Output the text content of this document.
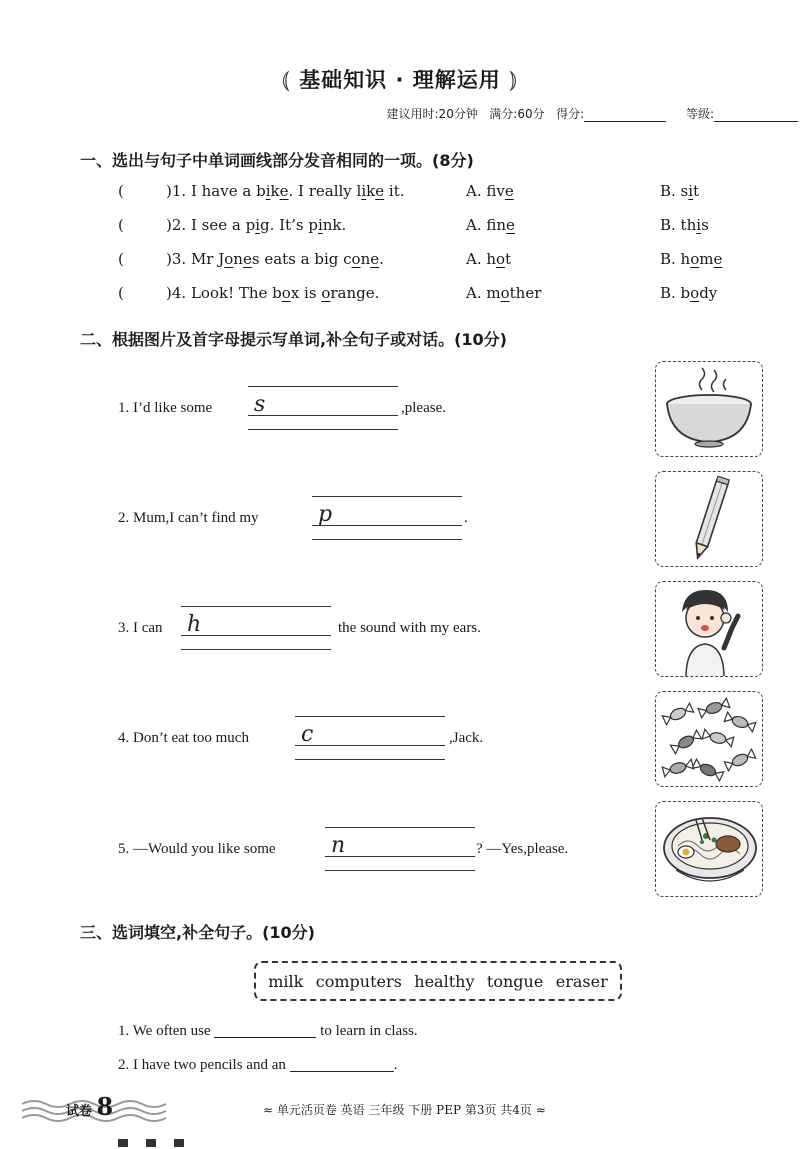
⦅ 基础知识 · 理解运用 ⦆
建议用时:20分钟 满分:60分 得分:	等级:
一、选出与句子中单词画线部分发音相同的一项。(8分)
(	)1. I have a bike. I really like it.	A. fve	B. sit
(	)2. I see a pig. It’s pink.	A. fne	B. this
(	)3. Mr Jones eats a big cone.	A. hot	B. home
(	)4. Look! The box is orange.	A. mother	B. body
二、根据图片及首字母提示写单词,补全句子或对话。(10分)
1. I’d like some s	,please.
2. Mum,I can’t find my	p	.
3. I can h	the sound with my ears.
4. Don’t eat too much c	,Jack.
5. —Would you like some	n	? —Yes,please.
三、选词填空,补全句子。(10分)
milk computers healthy tongue eraser
1. We often use	to learn in class.
2. I have two pencils and an	.
试卷 8	≈ 单元活页卷 英语 三年级 下册 PEP 第3页 共4页 ≈
